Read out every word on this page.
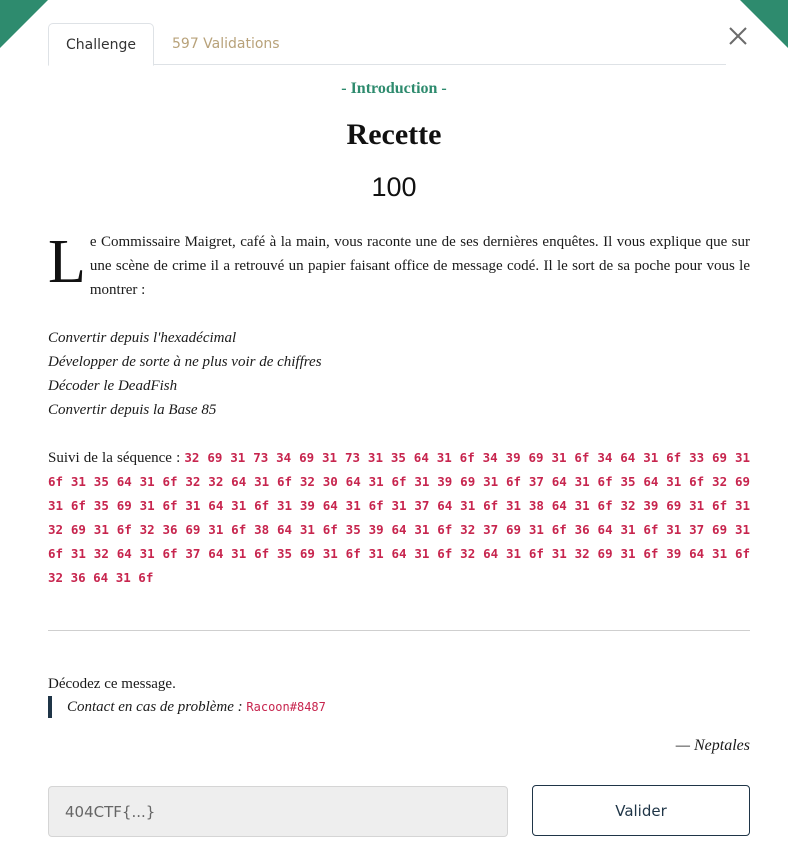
Challenge	597 Validations
- Introduction -
Recette
100
Le Commissaire Maigret, café à la main, vous raconte une de ses dernières enquêtes. Il vous explique que sur une scène de crime il a retrouvé un papier faisant office de message codé. Il le sort de sa poche pour vous le montrer :
Convertir depuis l'hexadécimal
Développer de sorte à ne plus voir de chiffres
Décoder le DeadFish
Convertir depuis la Base 85
Suivi de la séquence : 32 69 31 73 34 69 31 73 31 35 64 31 6f 34 39 69 31 6f 34 64 31 6f 33 69 31 6f 31 35 64 31 6f 32 32 64 31 6f 32 30 64 31 6f 31 39 69 31 6f 37 64 31 6f 35 64 31 6f 32 69 31 6f 35 69 31 6f 31 64 31 6f 31 39 64 31 6f 31 37 64 31 6f 31 38 64 31 6f 32 39 69 31 6f 31 32 69 31 6f 32 36 69 31 6f 38 64 31 6f 35 39 64 31 6f 32 37 69 31 6f 36 64 31 6f 31 37 69 31 6f 31 32 64 31 6f 37 64 31 6f 35 69 31 6f 31 64 31 6f 32 64 31 6f 31 32 69 31 6f 39 64 31 6f 32 36 64 31 6f
Décodez ce message.
Contact en cas de problème : Racoon#8487
— Neptales
404CTF{...}
Valider
